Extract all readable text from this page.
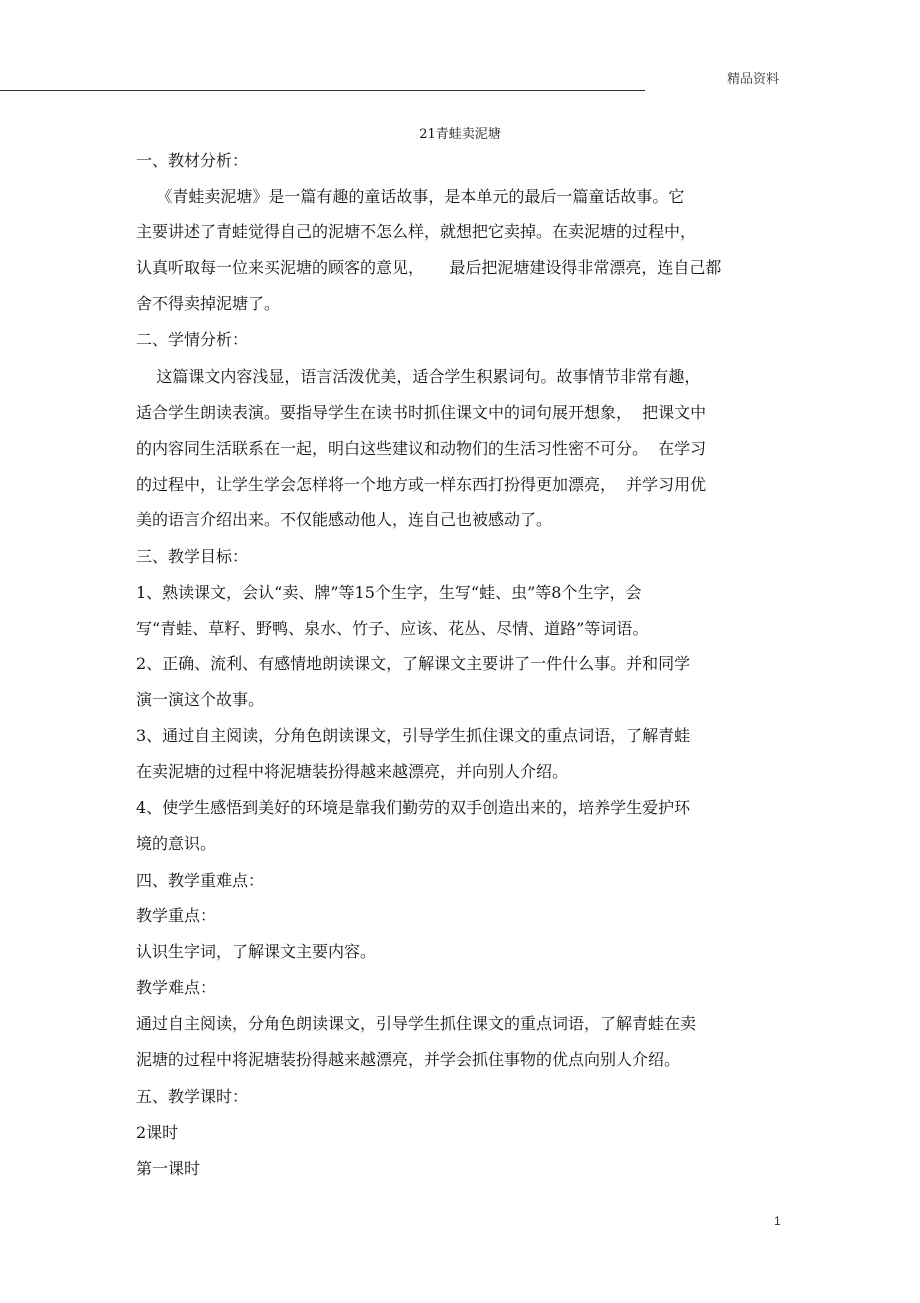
精品资料
21青蛙卖泥塘
一、教材分析：
《青蛙卖泥塘》是一篇有趣的童话故事，是本单元的最后一篇童话故事。它
主要讲述了青蛙觉得自己的泥塘不怎么样，就想把它卖掉。在卖泥塘的过程中，
认真听取每一位来买泥塘的顾客的意见，     最后把泥塘建设得非常漂亮，连自己都
舍不得卖掉泥塘了。
二、学情分析：
这篇课文内容浅显，语言活泼优美，适合学生积累词句。故事情节非常有趣，
适合学生朗读表演。要指导学生在读书时抓住课文中的词句展开想象，  把课文中
的内容同生活联系在一起，明白这些建议和动物们的生活习性密不可分。  在学习
的过程中，让学生学会怎样将一个地方或一样东西打扮得更加漂亮，  并学习用优
美的语言介绍出来。不仅能感动他人，连自己也被感动了。
三、教学目标：
1、熟读课文，会认“卖、牌”等15个生字，生写“蛙、虫”等8个生字，会
写“青蛙、草籽、野鸭、泉水、竹子、应该、花丛、尽情、道路”等词语。
2、正确、流利、有感情地朗读课文，了解课文主要讲了一件什么事。并和同学
演一演这个故事。
3、通过自主阅读，分角色朗读课文，引导学生抓住课文的重点词语，了解青蛙
在卖泥塘的过程中将泥塘装扮得越来越漂亮，并向别人介绍。
4、使学生感悟到美好的环境是靠我们勤劳的双手创造出来的，培养学生爱护环
境的意识。
四、教学重难点：
教学重点：
认识生字词，了解课文主要内容。
教学难点：
通过自主阅读，分角色朗读课文，引导学生抓住课文的重点词语，了解青蛙在卖
泥塘的过程中将泥塘装扮得越来越漂亮，并学会抓住事物的优点向别人介绍。
五、教学课时：
2课时
第一课时
1
